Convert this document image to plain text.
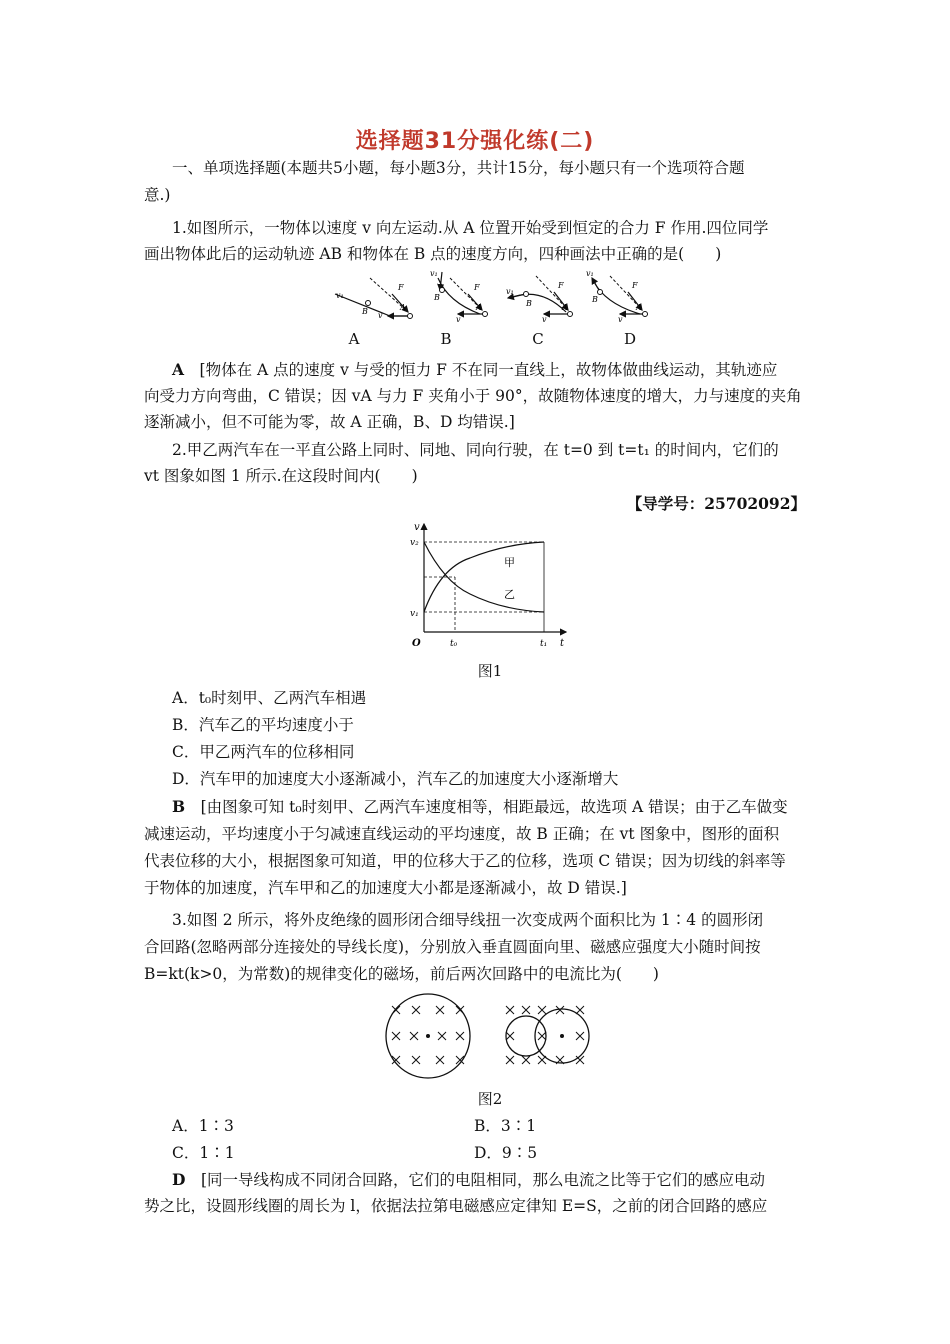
选择题31分强化练(二)
一、单项选择题(本题共5小题，每小题3分，共计15分，每小题只有一个选项符合题
意.)
1.如图所示，一物体以速度 v 向左运动.从 A 位置开始受到恒定的合力 F 作用.四位同学
画出物体此后的运动轨迹 AB 和物体在 B 点的速度方向，四种画法中正确的是(　　)
v₁
B v
F
A
v₁
B
v
F
A
v₁
B
v
F
A
v₁
B
v
F
A
A	B	C	D
A　 [物体在 A 点的速度 v 与受的恒力 F 不在同一直线上，故物体做曲线运动，其轨迹应
向受力方向弯曲，C 错误；因 vA 与力 F 夹角小于 90°，故随物体速度的增大，力与速度的夹角
逐渐减小，但不可能为零，故 A 正确，B、D 均错误.]
2.甲乙两汽车在一平直公路上同时、同地、同向行驶，在 t=0 到 t=t₁ 的时间内，它们的
vt 图象如图 1 所示.在这段时间内(　　)
【导学号：25702092】
v
v₂
v₁
O	t₀	t₁ t
甲
乙
图1
A．t₀时刻甲、乙两汽车相遇
B．汽车乙的平均速度小于
C．甲乙两汽车的位移相同
D．汽车甲的加速度大小逐渐减小，汽车乙的加速度大小逐渐增大
B　 [由图象可知 t₀时刻甲、乙两汽车速度相等，相距最远，故选项 A 错误；由于乙车做变
减速运动，平均速度小于匀减速直线运动的平均速度，故 B 正确；在 vt 图象中，图形的面积
代表位移的大小，根据图象可知道，甲的位移大于乙的位移，选项 C 错误；因为切线的斜率等
于物体的加速度，汽车甲和乙的加速度大小都是逐渐减小，故 D 错误.]
3.如图 2 所示，将外皮绝缘的圆形闭合细导线扭一次变成两个面积比为 1∶4 的圆形闭
合回路(忽略两部分连接处的导线长度)，分别放入垂直圆面向里、磁感应强度大小随时间按
B=kt(k>0，为常数)的规律变化的磁场，前后两次回路中的电流比为(　　)
图2
A．1∶3	B．3∶1
C．1∶1	D．9∶5
D　 [同一导线构成不同闭合回路，它们的电阻相同，那么电流之比等于它们的感应电动
势之比，设圆形线圈的周长为 l，依据法拉第电磁感应定律知 E=S，之前的闭合回路的感应
